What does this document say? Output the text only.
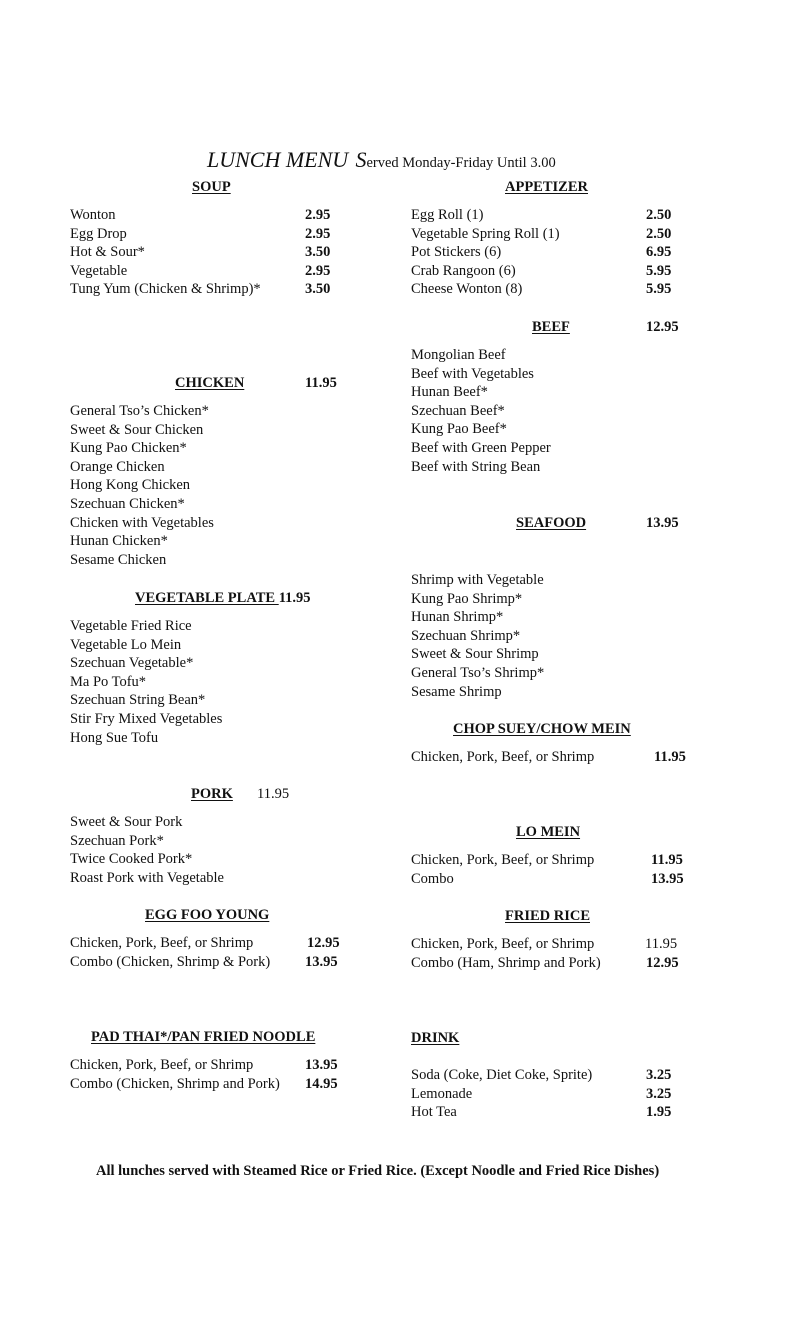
LUNCH MENU Served Monday-Friday Until 3.00
SOUP
Wonton	2.95
Egg Drop	2.95
Hot & Sour*	3.50
Vegetable	2.95
Tung Yum (Chicken & Shrimp)*	3.50
APPETIZER
Egg Roll (1)	2.50
Vegetable Spring Roll (1)	2.50
Pot Stickers (6)	6.95
Crab Rangoon (6)	5.95
Cheese Wonton (8)	5.95
BEEF	12.95
Mongolian Beef
Beef with Vegetables
Hunan Beef*
Szechuan Beef*
Kung Pao Beef*
Beef with Green Pepper
Beef with String Bean
CHICKEN	11.95
General Tso’s Chicken*
Sweet & Sour Chicken
Kung Pao Chicken*
Orange Chicken
Hong Kong Chicken
Szechuan Chicken*
Chicken with Vegetables
Hunan Chicken*
Sesame Chicken
SEAFOOD	13.95
Shrimp with Vegetable
Kung Pao Shrimp*
Hunan Shrimp*
Szechuan Shrimp*
Sweet & Sour Shrimp
General Tso’s Shrimp*
Sesame Shrimp
VEGETABLE PLATE 11.95
Vegetable Fried Rice
Vegetable Lo Mein
Szechuan Vegetable*
Ma Po Tofu*
Szechuan String Bean*
Stir Fry Mixed Vegetables
Hong Sue Tofu
CHOP SUEY/CHOW MEIN
Chicken, Pork, Beef, or Shrimp	11.95
PORK 11.95
Sweet & Sour Pork
Szechuan Pork*
Twice Cooked Pork*
Roast Pork with Vegetable
LO MEIN
Chicken, Pork, Beef, or Shrimp	11.95
Combo	13.95
EGG FOO YOUNG
Chicken, Pork, Beef, or Shrimp	12.95
Combo (Chicken, Shrimp & Pork) 13.95
FRIED RICE
Chicken, Pork, Beef, or Shrimp	11.95
Combo (Ham, Shrimp and Pork)	12.95
PAD THAI*/PAN FRIED NOODLE
Chicken, Pork, Beef, or Shrimp	13.95
Combo (Chicken, Shrimp and Pork) 14.95
DRINK
Soda (Coke, Diet Coke, Sprite)	3.25
Lemonade	3.25
Hot Tea	1.95
All lunches served with Steamed Rice or Fried Rice. (Except Noodle and Fried Rice Dishes)
